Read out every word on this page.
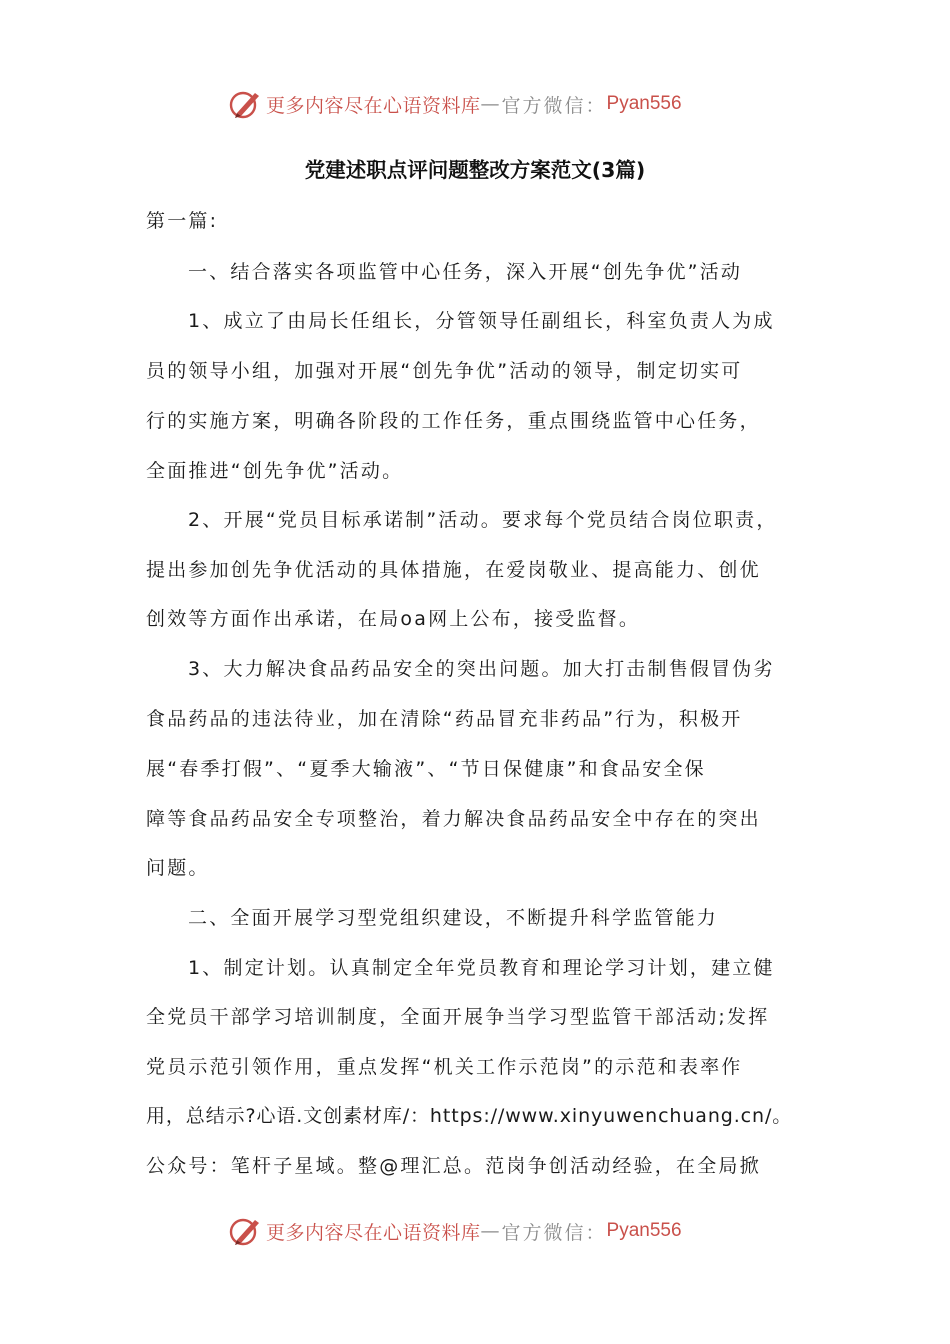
更多内容尽在心语资料库 — 官方微信： Pyan556
党建述职点评问题整改方案范文(3篇)
第一篇:
一、结合落实各项监管中心任务，深入开展“创先争优”活动
1、成立了由局长任组长，分管领导任副组长，科室负责人为成
员的领导小组，加强对开展“创先争优”活动的领导，制定切实可
行的实施方案，明确各阶段的工作任务，重点围绕监管中心任务，
全面推进“创先争优”活动。
2、开展“党员目标承诺制”活动。要求每个党员结合岗位职责，
提出参加创先争优活动的具体措施，在爱岗敬业、提高能力、创优
创效等方面作出承诺，在局oa网上公布，接受监督。
3、大力解决食品药品安全的突出问题。加大打击制售假冒伪劣
食品药品的违法待业，加在清除“药品冒充非药品”行为，积极开
展“春季打假”、“夏季大输液”、“节日保健康”和食品安全保
障等食品药品安全专项整治，着力解决食品药品安全中存在的突出
问题。
二、全面开展学习型党组织建设，不断提升科学监管能力
1、制定计划。认真制定全年党员教育和理论学习计划，建立健
全党员干部学习培训制度，全面开展争当学习型监管干部活动;发挥
党员示范引领作用，重点发挥“机关工作示范岗”的示范和表率作
用，总结示?心语.文创素材库/：https://www.xinyuwenchuang.cn/。
公众号：笔杆子星域。整@理汇总。范岗争创活动经验，在全局掀
更多内容尽在心语资料库 — 官方微信： Pyan556
